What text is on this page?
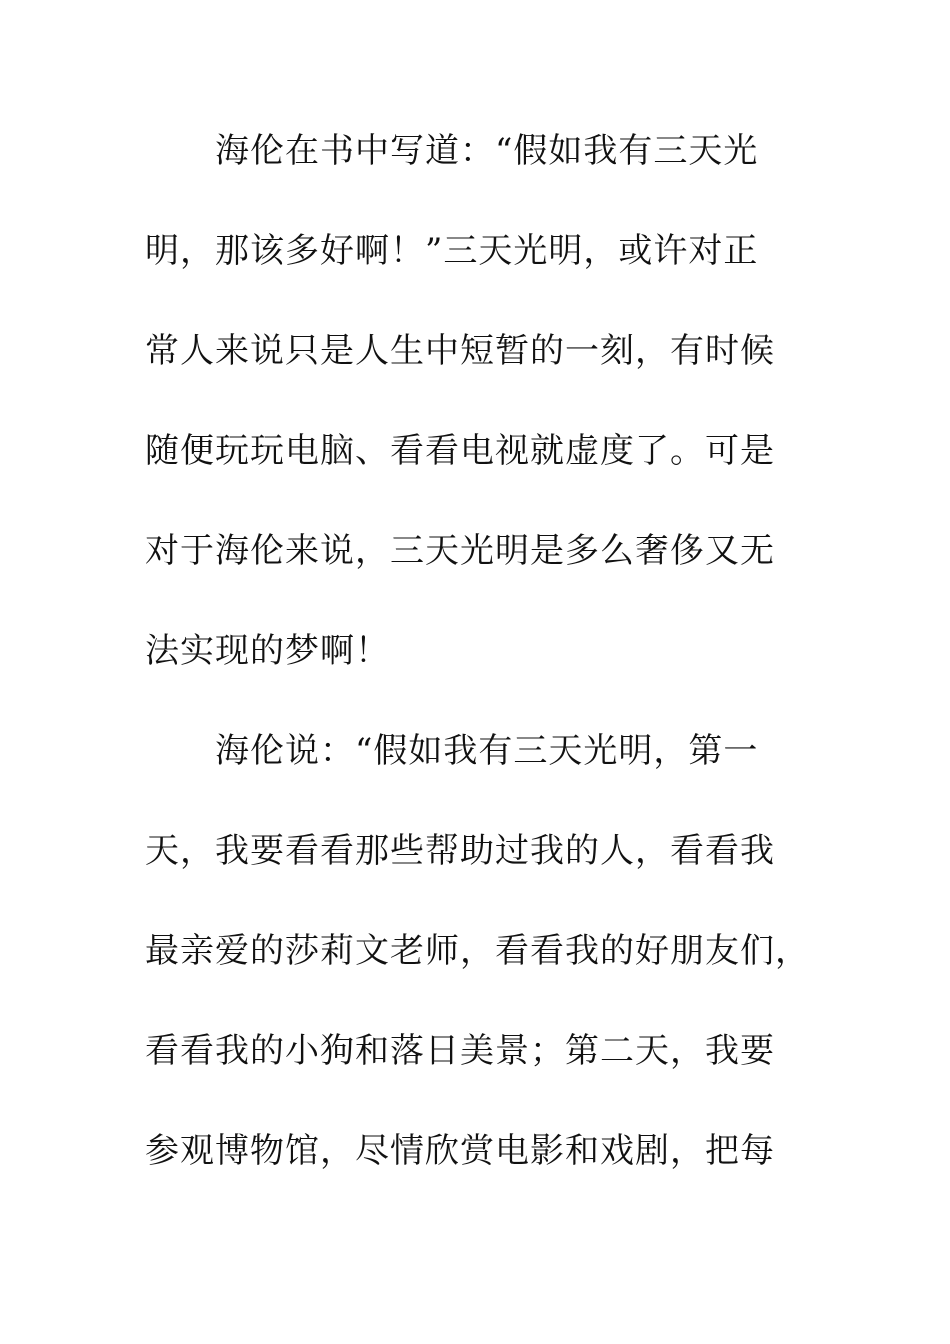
海伦在书中写道：“假如我有三天光
明，那该多好啊！”三天光明，或许对正
常人来说只是人生中短暂的一刻，有时候
随便玩玩电脑、看看电视就虚度了。可是
对于海伦来说，三天光明是多么奢侈又无
法实现的梦啊！
海伦说：“假如我有三天光明，第一
天，我要看看那些帮助过我的人，看看我
最亲爱的莎莉文老师，看看我的好朋友们，
看看我的小狗和落日美景；第二天，我要
参观博物馆，尽情欣赏电影和戏剧，把每
